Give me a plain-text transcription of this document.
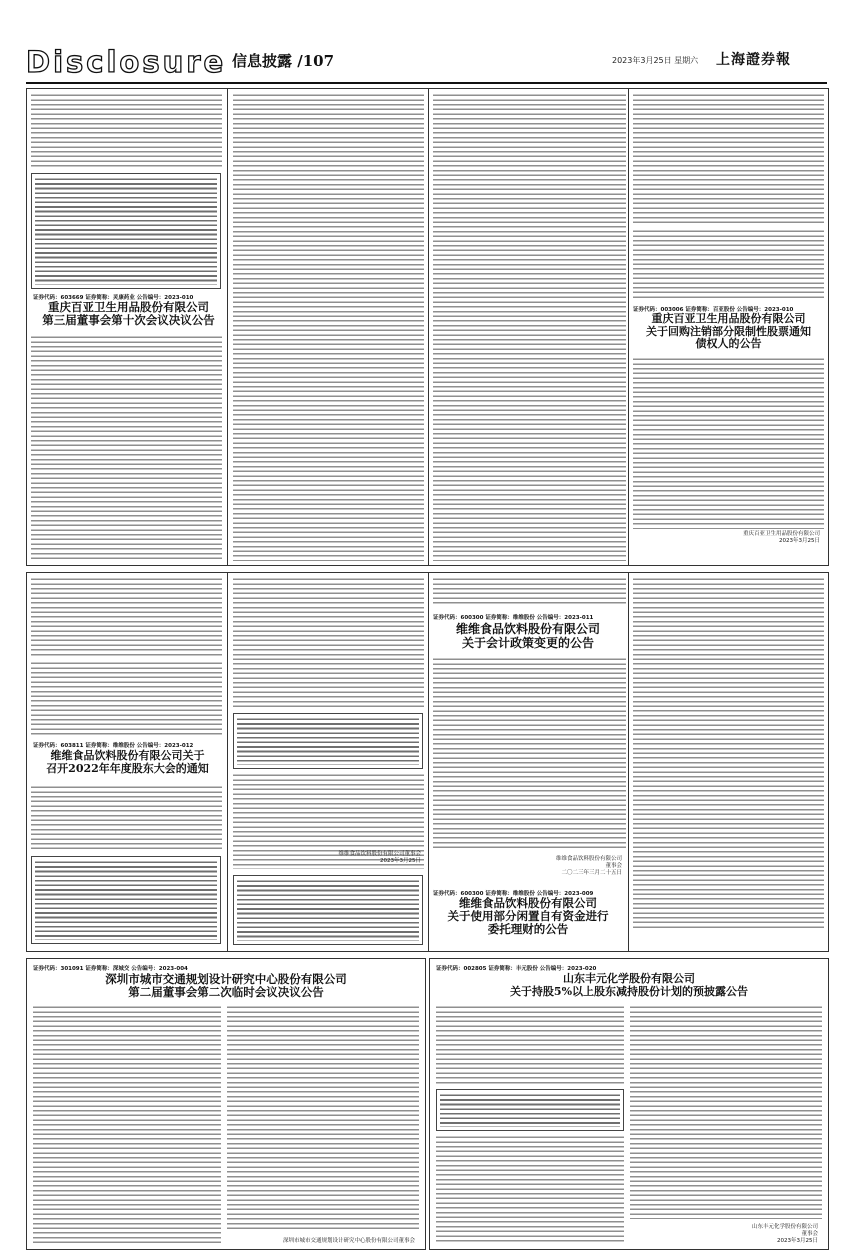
Disclosure 信息披露 /107	2023年3月25日 星期六 上海證券報
证券代码：603669 证券简称：灵康药业 公告编号：2023-010
重庆百亚卫生用品股份有限公司
第三届董事会第十次会议决议公告
证券代码：003006 证券简称：百亚股份 公告编号：2023-010
重庆百亚卫生用品股份有限公司
关于回购注销部分限制性股票通知
债权人的公告
重庆百亚卫生用品股份有限公司
2023年3月25日
证券代码：603811 证券简称：维维股份 公告编号：2023-012
维维食品饮料股份有限公司关于
召开2022年年度股东大会的通知
维维食品饮料股份有限公司董事会
2023年3月25日
证券代码：600300 证券简称：维维股份 公告编号：2023-011
维维食品饮料股份有限公司
关于会计政策变更的公告
维维食品饮料股份有限公司
董事会
二〇二三年三月二十五日
证券代码：600300 证券简称：维维股份 公告编号：2023-009
维维食品饮料股份有限公司
关于使用部分闲置自有资金进行
委托理财的公告
证券代码：301091 证券简称：深城交 公告编号：2023-004
深圳市城市交通规划设计研究中心股份有限公司
第二届董事会第二次临时会议决议公告
深圳市城市交通规划设计研究中心股份有限公司董事会
证券代码：002805 证券简称：丰元股份 公告编号：2023-020
山东丰元化学股份有限公司
关于持股5%以上股东减持股份计划的预披露公告
山东丰元化学股份有限公司
董事会
2023年3月25日
